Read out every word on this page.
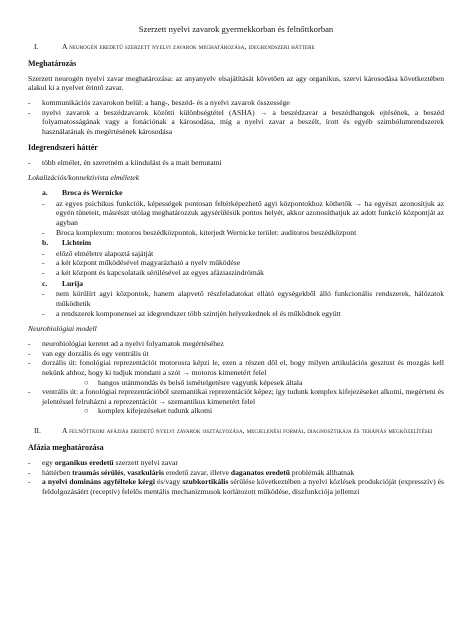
Szerzett nyelvi zavarok gyermekkorban és felnőttkorban
I.	A neurogén eredetű szerzett nyelvi zavarok meghatározása, idegrendszeri háttere
Meghatározás
Szerzett neurogén nyelvi zavar meghatározása: az anyanyelv elsajátítását követően az agy organikus, szervi károsodása következtében alakul ki a nyelvet érintő zavar.
-	kommunikációs zavarokon belül: a hang-, beszéd- és a nyelvi zavarok összessége
-	nyelvi zavarok a beszédzavarok közötti különbségtétel (ASHA) → a beszédzavar a beszédhangok ejtésének, a beszéd folyamatosságának vagy a fonációnak a károsodása, míg a nyelvi zavar a beszélt, írott és egyéb szimbólumrendszerek használatának és megértésének károsodása
Idegrendszeri háttér
-	több elmélet, én szeretném a kiindulást és a mait bemutatni
Lokalizációs/konnektivista elméletek
a.	Broca és Wernicke
-	az egyes psichikus funkciók, képességek pontosan feltérképezhető agyi központokhoz köthetők → ha egyészt azonosítjuk az egyén tüneteit, másrészt utólag meghatározzuk agysérülésük pontos helyét, akkor azonosíthatjuk az adott funkció központját az agyban
-	Broca komplexum: motoros beszédközpontok, kiterjedt Wernicke terület: auditoros beszédközpont
b.	Lichteim
-	előző elméletre alapoztá sajátját
-	a két központ működésével magyarázható a nyelv működése
-	a két központ és kapcsolataik sérülésével az egyes afáziaszindrómák
c.	Lurija
-	nem körülírt agyi központok, hanem alapvető részfeladatokat ellátó egységekből álló funkcionális rendszerek, hálózatok működtetik
-	a rendszerek komponensei az idegrendszer több szintjén helyezkednek el és működnek együtt
Neurobiológiai modell
-	neurobiológiai keretet ad a nyelvi folyamatok megértéséhez
-	van egy dorzális és egy ventrális út
-	dorzális út: fonológiai reprezentációt motorosra képzi le, ezen a részen dől el, hogy milyen artikulációs gesztust és mozgás kell nekünk ahhoz, hogy ki tudjuk mondani a szót → motoros kimenetért felel
○	hangos utánmondás és belső ismételgetésre vagyunk képesek általa
-	ventrális út: a fonológiai reprezentációból szemantikai reprezentációt képez; így tudunk komplex kifejezéseket alkotni, megérteni és jelentéssel felruházni a reprezentációt → szemantikus kimenetért felel
○	komplex kifejezéseket tudunk alkotni
II.	A felnőttkori afáziás eredetű nyelvi zavarok osztályozása, megjelenési formái, diagnosztikája és terápiás megközelítései
Afázia meghatározása
-	egy organikus eredetű szerzett nyelvi zavar
-	háttérben traumás sérülés, vaszkuláris eredetű zavar, illetve daganatos eredetű problémák állhatnak
-	a nyelvi domináns agyfélteke kérgi és/vagy szubkortikális sérülése következtében a nyelvi közlések produkcióját (expresszív) és feldolgozásáért (receptív) felelős mentális mechanizmusok korlátozott működése, diszfunkciója jellemzi
